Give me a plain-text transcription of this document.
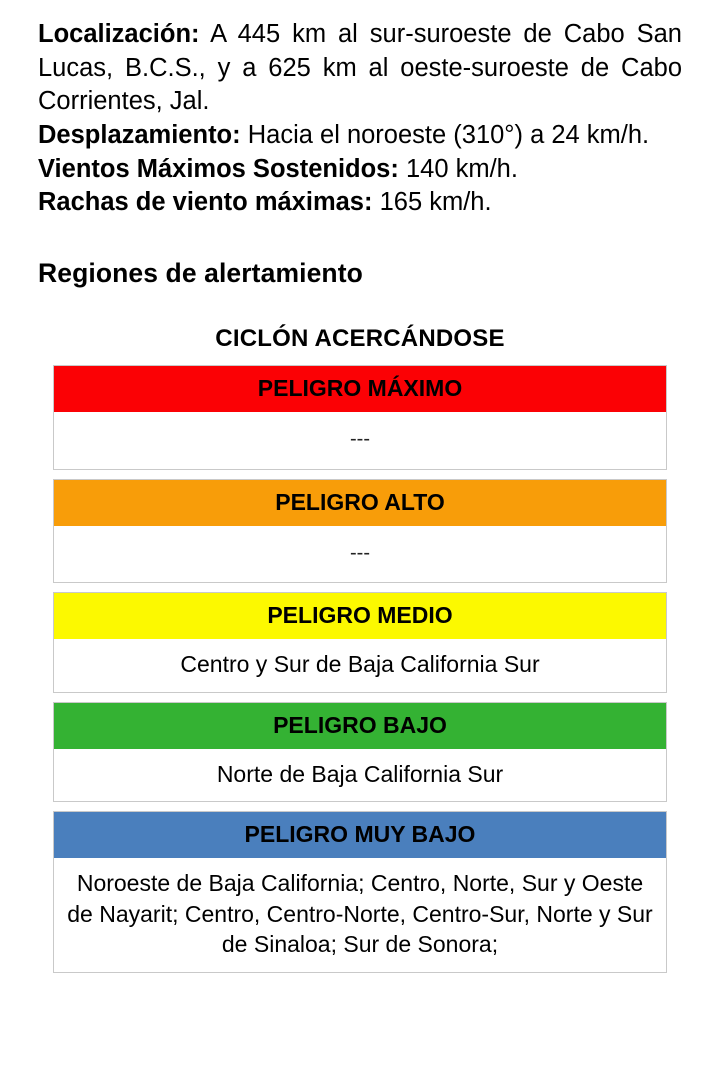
Localización: A 445 km al sur-suroeste de Cabo San Lucas, B.C.S., y a 625 km al oeste-suroeste de Cabo Corrientes, Jal.

Desplazamiento: Hacia el noroeste (310°) a 24 km/h.

Vientos Máximos Sostenidos: 140 km/h.

Rachas de viento máximas: 165 km/h.

Regiones de alertamiento
CICLÓN ACERCÁNDOSE
PELIGRO MÁXIMO
---
PELIGRO ALTO
---
PELIGRO MEDIO
Centro y Sur de Baja California Sur
PELIGRO BAJO
Norte de Baja California Sur
PELIGRO MUY BAJO
Noroeste de Baja California; Centro, Norte, Sur y Oeste de Nayarit; Centro, Centro-Norte, Centro-Sur, Norte y Sur de Sinaloa; Sur de Sonora;
